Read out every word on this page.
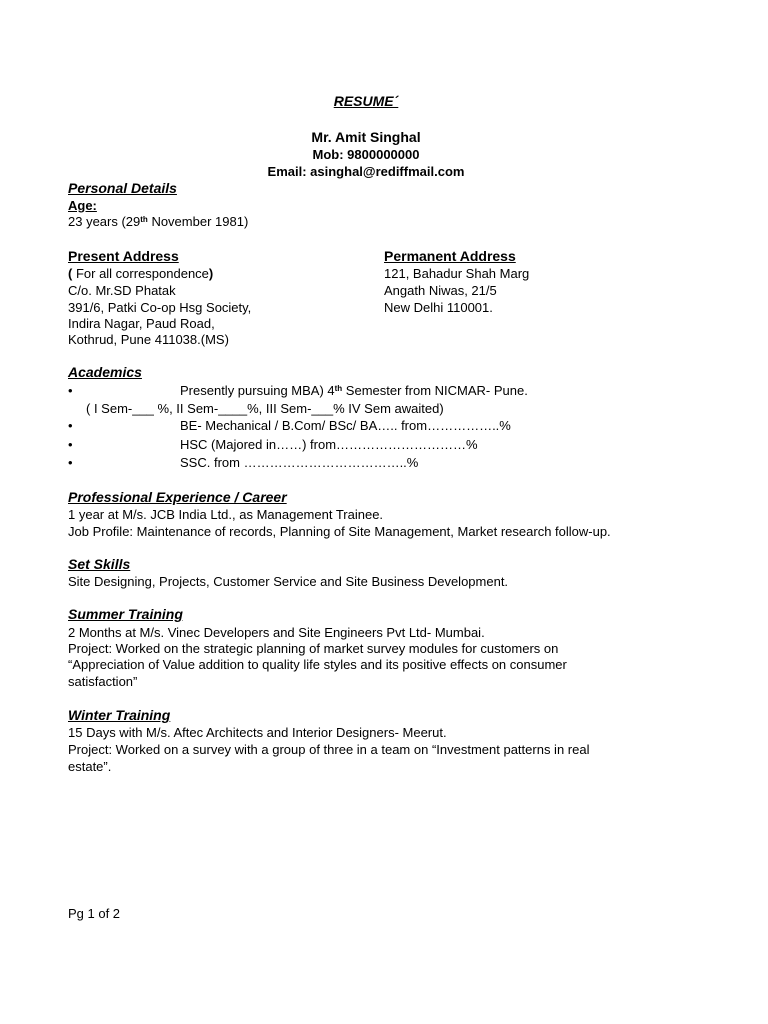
RESUME´
Mr. Amit Singhal
Mob: 9800000000
Email: asinghal@rediffmail.com
Personal Details
Age:
23 years (29th November 1981)
Present Address
( For all correspondence)
C/o. Mr.SD Phatak
391/6, Patki Co-op Hsg Society,
Indira Nagar, Paud Road,
Kothrud, Pune 411038.(MS)
Permanent Address
121, Bahadur Shah Marg
Angath Niwas, 21/5
New Delhi 110001.
Academics
•	Presently pursuing MBA) 4th Semester from NICMAR- Pune.
( I Sem-___ %, II Sem-____%, III Sem-___% IV Sem awaited)
•	BE- Mechanical / B.Com/ BSc/ BA….. from……………..%
•	HSC (Majored in……) from…………………………%
•	SSC. from ………………………………..%
Professional Experience / Career
1 year at M/s. JCB India Ltd., as Management Trainee.
Job Profile: Maintenance of records, Planning of Site Management, Market research follow-up.
Set Skills
Site Designing, Projects, Customer Service and Site Business Development.
Summer Training
2 Months at M/s. Vinec Developers and Site Engineers Pvt Ltd- Mumbai.
Project: Worked on the strategic planning of market survey modules for customers on
“Appreciation of Value addition to quality life styles and its positive effects on consumer
satisfaction”
Winter Training
15 Days with M/s. Aftec Architects and Interior Designers- Meerut.
Project: Worked on a survey with a group of three in a team on “Investment patterns in real
estate”.
Pg 1 of 2
